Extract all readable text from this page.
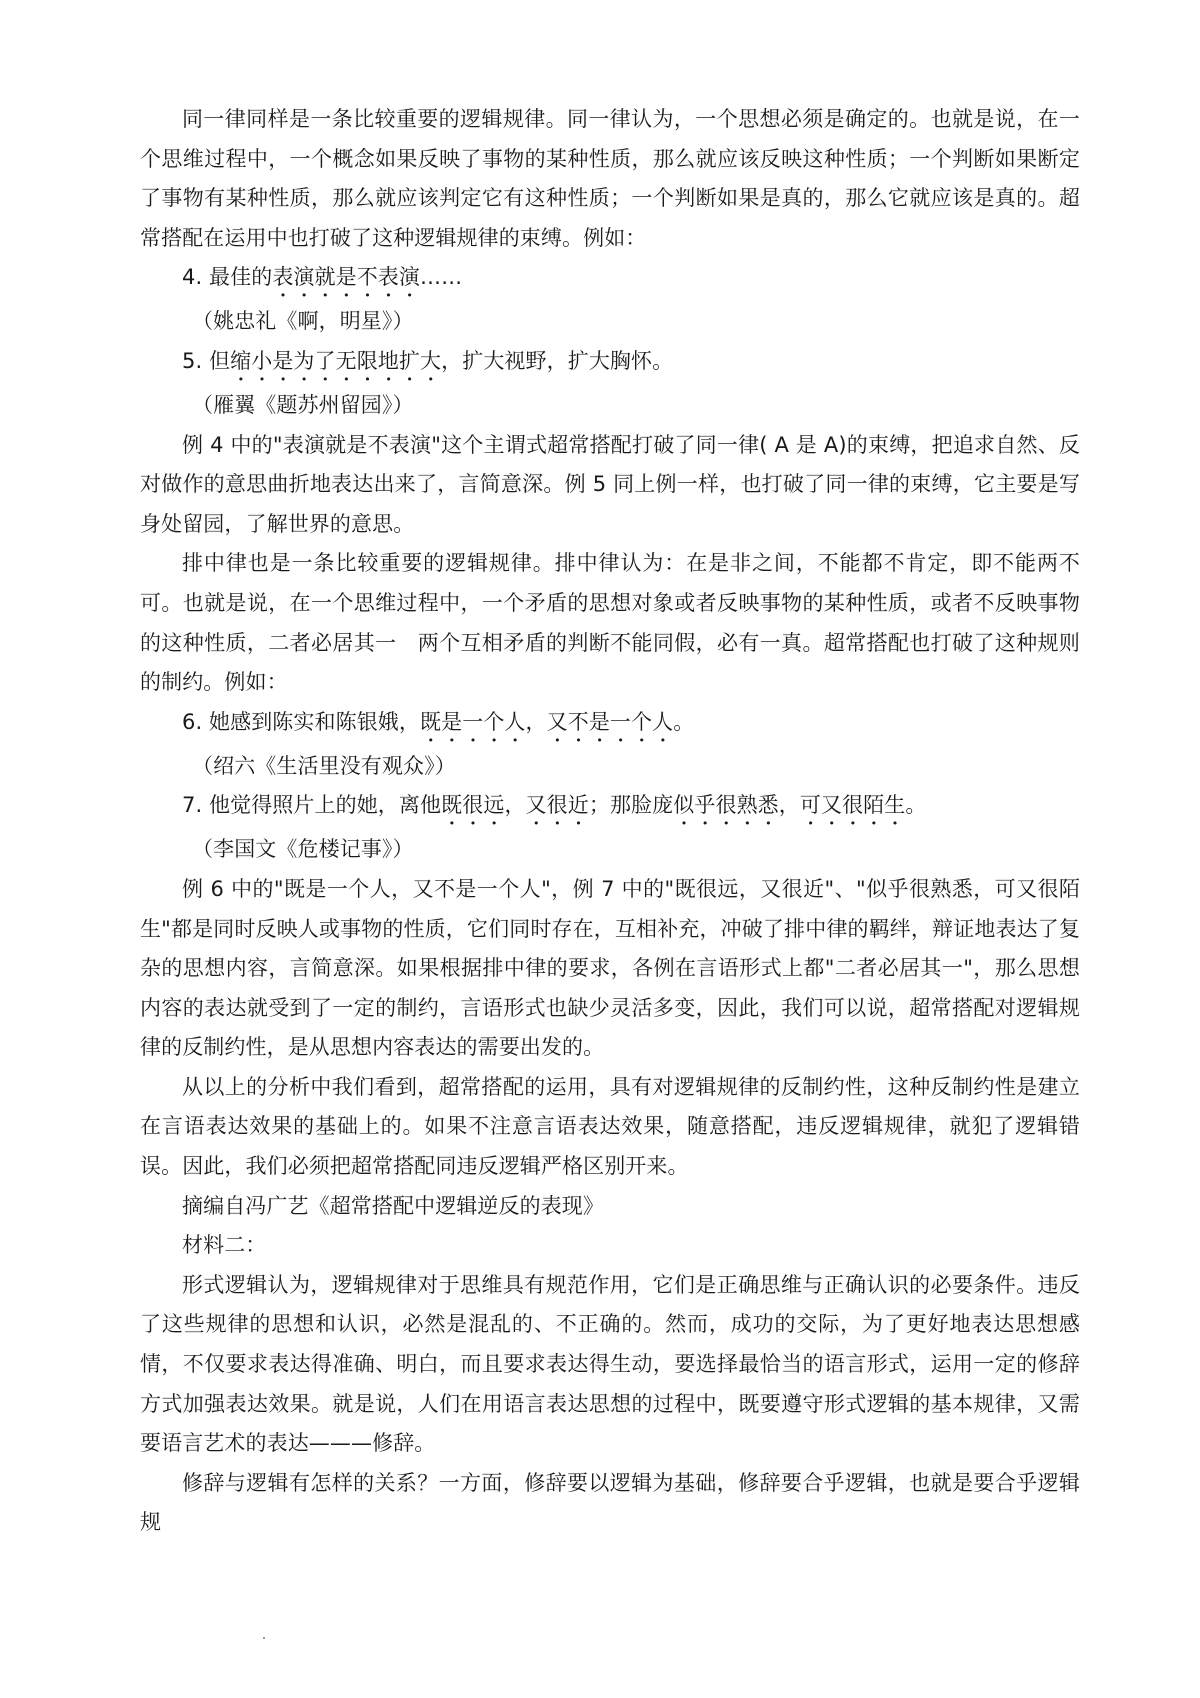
同一律同样是一条比较重要的逻辑规律。同一律认为，一个思想必须是确定的。也就是说，在一个思维过程中，一个概念如果反映了事物的某种性质，那么就应该反映这种性质；一个判断如果断定了事物有某种性质，那么就应该判定它有这种性质；一个判断如果是真的，那么它就应该是真的。超常搭配在运用中也打破了这种逻辑规律的束缚。例如：

4. 最佳的表演就是不表演……

（姚忠礼《啊，明星》）

5. 但缩小是为了无限地扩大，扩大视野，扩大胸怀。

（雁翼《题苏州留园》）

例 4 中的"表演就是不表演"这个主谓式超常搭配打破了同一律( A 是 A)的束缚，把追求自然、反对做作的意思曲折地表达出来了，言简意深。例 5 同上例一样，也打破了同一律的束缚，它主要是写身处留园，了解世界的意思。

排中律也是一条比较重要的逻辑规律。排中律认为：在是非之间，不能都不肯定，即不能两不可。也就是说，在一个思维过程中，一个矛盾的思想对象或者反映事物的某种性质，或者不反映事物的这种性质，二者必居其一　两个互相矛盾的判断不能同假，必有一真。超常搭配也打破了这种规则的制约。例如：

6. 她感到陈实和陈银娥，既是一个人，又不是一个人。

（绍六《生活里没有观众》）

7. 他觉得照片上的她，离他既很远，又很近；那脸庞似乎很熟悉，可又很陌生。

（李国文《危楼记事》）

例 6 中的"既是一个人，又不是一个人"，例 7 中的"既很远，又很近"、"似乎很熟悉，可又很陌生"都是同时反映人或事物的性质，它们同时存在，互相补充，冲破了排中律的羁绊，辩证地表达了复杂的思想内容，言简意深。如果根据排中律的要求，各例在言语形式上都"二者必居其一"，那么思想内容的表达就受到了一定的制约，言语形式也缺少灵活多变，因此，我们可以说，超常搭配对逻辑规律的反制约性，是从思想内容表达的需要出发的。

从以上的分析中我们看到，超常搭配的运用，具有对逻辑规律的反制约性，这种反制约性是建立在言语表达效果的基础上的。如果不注意言语表达效果，随意搭配，违反逻辑规律，就犯了逻辑错误。因此，我们必须把超常搭配同违反逻辑严格区别开来。

摘编自冯广艺《超常搭配中逻辑逆反的表现》

材料二：

形式逻辑认为，逻辑规律对于思维具有规范作用，它们是正确思维与正确认识的必要条件。违反了这些规律的思想和认识，必然是混乱的、不正确的。然而，成功的交际，为了更好地表达思想感情，不仅要求表达得准确、明白，而且要求表达得生动，要选择最恰当的语言形式，运用一定的修辞方式加强表达效果。就是说，人们在用语言表达思想的过程中，既要遵守形式逻辑的基本规律，又需要语言艺术的表达———修辞。

修辞与逻辑有怎样的关系？一方面，修辞要以逻辑为基础，修辞要合乎逻辑，也就是要合乎逻辑规
